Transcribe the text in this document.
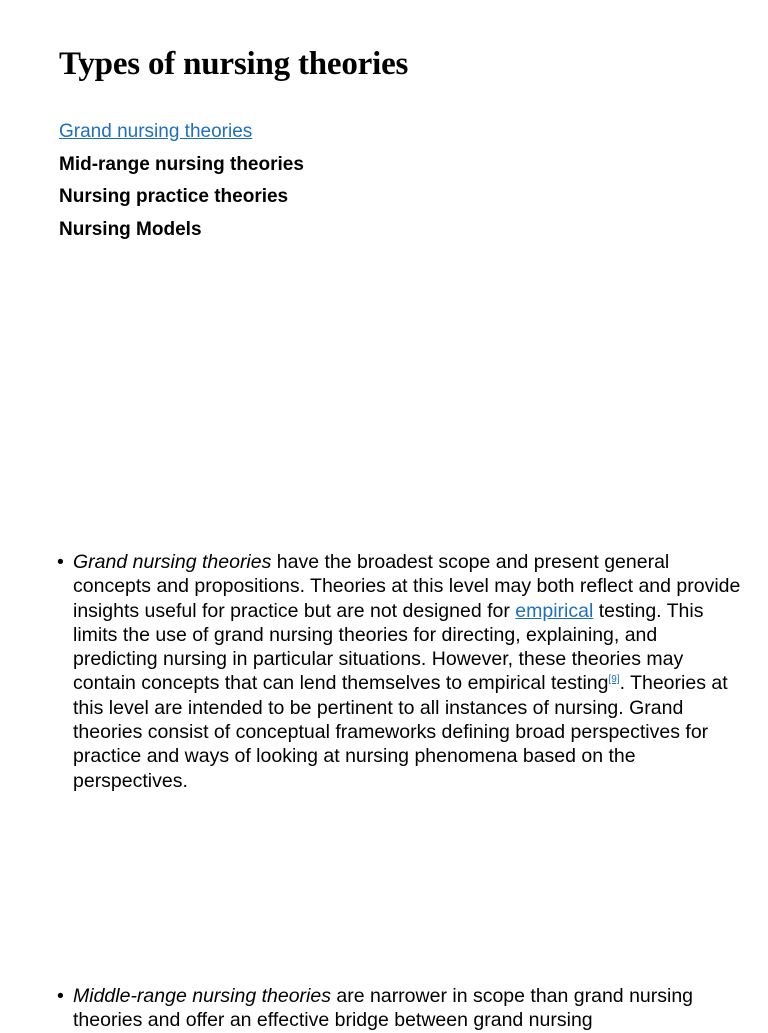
Types of nursing theories
Grand nursing theories
Mid-range nursing theories
Nursing practice theories
Nursing Models
• Grand nursing theories have the broadest scope and present general concepts and propositions. Theories at this level may both reflect and provide insights useful for practice but are not designed for empirical testing. This limits the use of grand nursing theories for directing, explaining, and predicting nursing in particular situations. However, these theories may contain concepts that can lend themselves to empirical testing[9]. Theories at this level are intended to be pertinent to all instances of nursing. Grand theories consist of conceptual frameworks defining broad perspectives for practice and ways of looking at nursing phenomena based on the perspectives.
• Middle-range nursing theories are narrower in scope than grand nursing theories and offer an effective bridge between grand nursing
